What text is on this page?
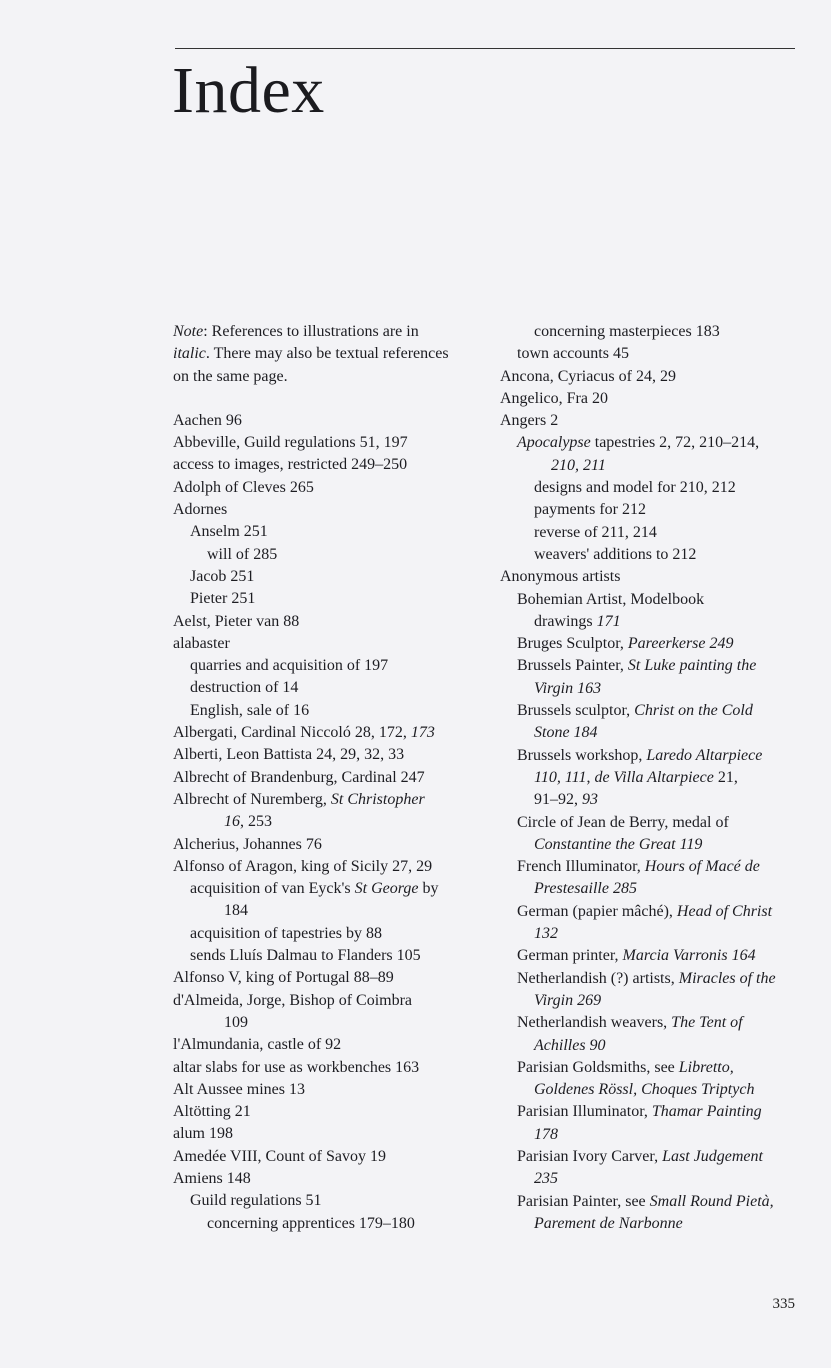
Index
Note: References to illustrations are in
italic. There may also be textual references
on the same page.
Aachen 96
Abbeville, Guild regulations 51, 197
access to images, restricted 249–250
Adolph of Cleves 265
Adornes
Anselm 251
will of 285
Jacob 251
Pieter 251
Aelst, Pieter van 88
alabaster
quarries and acquisition of 197
destruction of 14
English, sale of 16
Albergati, Cardinal Niccoló 28, 172, 173
Alberti, Leon Battista 24, 29, 32, 33
Albrecht of Brandenburg, Cardinal 247
Albrecht of Nuremberg, St Christopher
16, 253
Alcherius, Johannes 76
Alfonso of Aragon, king of Sicily 27, 29
acquisition of van Eyck's St George by
184
acquisition of tapestries by 88
sends Lluís Dalmau to Flanders 105
Alfonso V, king of Portugal 88–89
d'Almeida, Jorge, Bishop of Coimbra
109
l'Almundania, castle of 92
altar slabs for use as workbenches 163
Alt Aussee mines 13
Altötting 21
alum 198
Amedée VIII, Count of Savoy 19
Amiens 148
Guild regulations 51
concerning apprentices 179–180
concerning masterpieces 183
town accounts 45
Ancona, Cyriacus of 24, 29
Angelico, Fra 20
Angers 2
Apocalypse tapestries 2, 72, 210–214,
210, 211
designs and model for 210, 212
payments for 212
reverse of 211, 214
weavers' additions to 212
Anonymous artists
Bohemian Artist, Modelbook
drawings 171
Bruges Sculptor, Pareerkerse 249
Brussels Painter, St Luke painting the
Virgin 163
Brussels sculptor, Christ on the Cold
Stone 184
Brussels workshop, Laredo Altarpiece
110, 111, de Villa Altarpiece 21,
91–92, 93
Circle of Jean de Berry, medal of
Constantine the Great 119
French Illuminator, Hours of Macé de
Prestesaille 285
German (papier mâché), Head of Christ
132
German printer, Marcia Varronis 164
Netherlandish (?) artists, Miracles of the
Virgin 269
Netherlandish weavers, The Tent of
Achilles 90
Parisian Goldsmiths, see Libretto,
Goldenes Rössl, Choques Triptych
Parisian Illuminator, Thamar Painting
178
Parisian Ivory Carver, Last Judgement
235
Parisian Painter, see Small Round Pietà,
Parement de Narbonne
335
